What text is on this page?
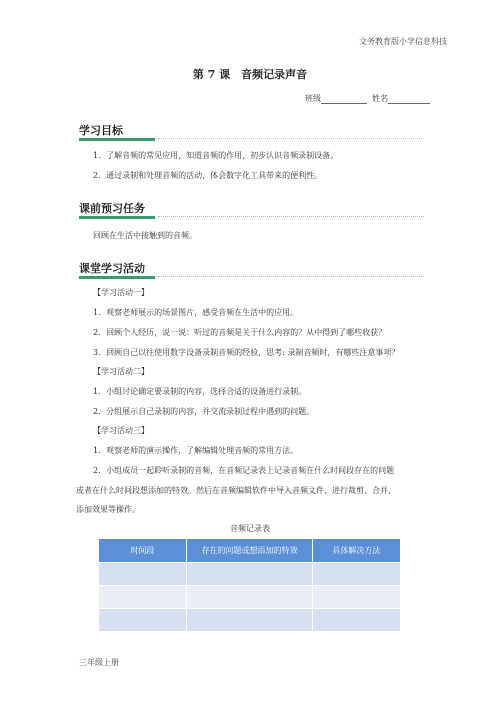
文务教育版小学信息科技
第 7 课　音频记录声音
班级	姓名
学习目标
1．了解音频的常见应用，知道音频的作用，初步认识音频录制设备。
2．通过录制和处理音频的活动，体会数字化工具带来的便利性。
课前预习任务
回顾在生活中接触到的音频。
课堂学习活动
【学习活动一】
1．观察老师展示的场景图片，感受音频在生活中的应用。
2．回顾个人经历，说一说：听过的音频是关于什么内容的？从中得到了哪些收获？
3．回顾自己以往使用数字设备录制音频的经验，思考: 录制音频时，有哪些注意事项？
【学习活动二】
1．小组讨论确定要录制的内容，选择合适的设备进行录制。
2．分组展示自己录制的内容，并交流录制过程中遇到的问题。
【学习活动三】
1．观察老师的演示操作，了解编辑处理音频的常用方法。
2．小组成员一起聆听录制的音频，在音频记录表上记录音频在什么时间段存在的问题
或者在什么时间段想添加的特效。然后在音频编辑软件中导入音频文件，进行裁剪、合并、
添加效果等操作。
音频记录表
时间段	存在的问题或想添加的特效	具体解决方法

三年级上册
